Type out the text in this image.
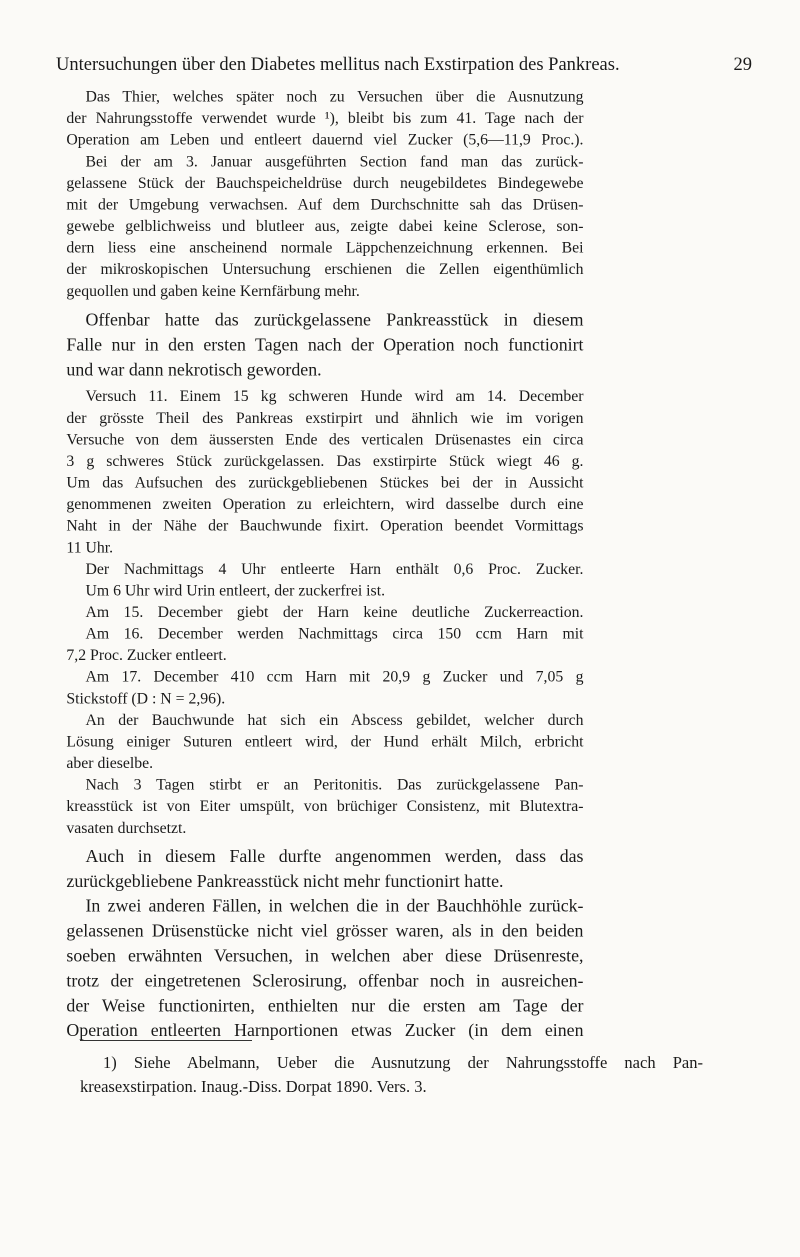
Untersuchungen über den Diabetes mellitus nach Exstirpation des Pankreas.	29
Das Thier, welches später noch zu Versuchen über die Ausnutzung
der Nahrungsstoffe verwendet wurde ¹), bleibt bis zum 41. Tage nach der
Operation am Leben und entleert dauernd viel Zucker (5,6—11,9 Proc.).
Bei der am 3. Januar ausgeführten Section fand man das zurück-
gelassene Stück der Bauchspeicheldrüse durch neugebildetes Bindegewebe
mit der Umgebung verwachsen. Auf dem Durchschnitte sah das Drüsen-
gewebe gelblichweiss und blutleer aus, zeigte dabei keine Sclerose, son-
dern liess eine anscheinend normale Läppchenzeichnung erkennen. Bei
der mikroskopischen Untersuchung erschienen die Zellen eigenthümlich
gequollen und gaben keine Kernfärbung mehr.
Offenbar hatte das zurückgelassene Pankreasstück in diesem
Falle nur in den ersten Tagen nach der Operation noch functionirt
und war dann nekrotisch geworden.
Versuch 11. Einem 15 kg schweren Hunde wird am 14. December
der grösste Theil des Pankreas exstirpirt und ähnlich wie im vorigen
Versuche von dem äussersten Ende des verticalen Drüsenastes ein circa
3 g schweres Stück zurückgelassen. Das exstirpirte Stück wiegt 46 g.
Um das Aufsuchen des zurückgebliebenen Stückes bei der in Aussicht
genommenen zweiten Operation zu erleichtern, wird dasselbe durch eine
Naht in der Nähe der Bauchwunde fixirt. Operation beendet Vormittags
11 Uhr.
Der Nachmittags 4 Uhr entleerte Harn enthält 0,6 Proc. Zucker.
Um 6 Uhr wird Urin entleert, der zuckerfrei ist.
Am 15. December giebt der Harn keine deutliche Zuckerreaction.
Am 16. December werden Nachmittags circa 150 ccm Harn mit
7,2 Proc. Zucker entleert.
Am 17. December 410 ccm Harn mit 20,9 g Zucker und 7,05 g
Stickstoff (D : N = 2,96).
An der Bauchwunde hat sich ein Abscess gebildet, welcher durch
Lösung einiger Suturen entleert wird, der Hund erhält Milch, erbricht
aber dieselbe.
Nach 3 Tagen stirbt er an Peritonitis. Das zurückgelassene Pan-
kreasstück ist von Eiter umspült, von brüchiger Consistenz, mit Blutextra-
vasaten durchsetzt.
Auch in diesem Falle durfte angenommen werden, dass das
zurückgebliebene Pankreasstück nicht mehr functionirt hatte.
In zwei anderen Fällen, in welchen die in der Bauchhöhle zurück-
gelassenen Drüsenstücke nicht viel grösser waren, als in den beiden
soeben erwähnten Versuchen, in welchen aber diese Drüsenreste,
trotz der eingetretenen Sclerosirung, offenbar noch in ausreichen-
der Weise functionirten, enthielten nur die ersten am Tage der
Operation entleerten Harnportionen etwas Zucker (in dem einen
1) Siehe Abelmann, Ueber die Ausnutzung der Nahrungsstoffe nach Pan-
kreasexstirpation. Inaug.-Diss. Dorpat 1890. Vers. 3.
